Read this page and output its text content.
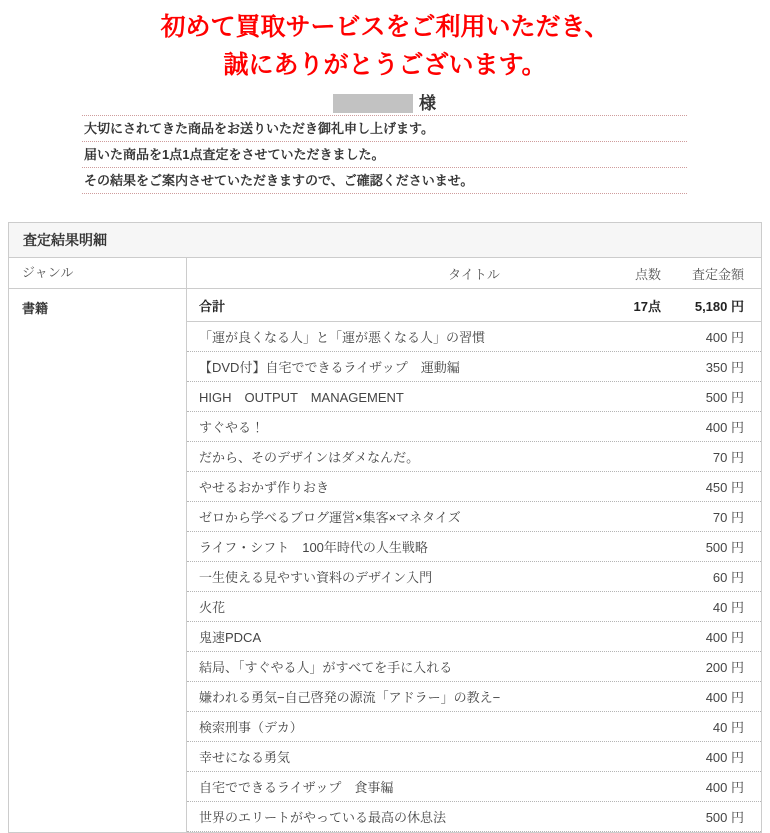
初めて買取サービスをご利用いただき、
誠にありがとうございます。
様
大切にされてきた商品をお送りいただき御礼申し上げます。
届いた商品を1点1点査定をさせていただきました。
その結果をご案内させていただきますので、ご確認くださいませ。
査定結果明細
ジャンル	タイトル	点数	査定金額
書籍	合計	17点	5,180 円
「運が良くなる人」と「運が悪くなる人」の習慣	400 円
【DVD付】自宅でできるライザップ　運動編	350 円
HIGH　OUTPUT　MANAGEMENT	500 円
すぐやる！	400 円
だから、そのデザインはダメなんだ。	70 円
やせるおかず作りおき	450 円
ゼロから学べるブログ運営×集客×マネタイズ	70 円
ライフ・シフト　100年時代の人生戦略	500 円
一生使える見やすい資料のデザイン入門	60 円
火花	40 円
鬼速PDCA	400 円
結局、「すぐやる人」がすべてを手に入れる	200 円
嫌われる勇気−自己啓発の源流「アドラー」の教え−	400 円
検索刑事（デカ）	40 円
幸せになる勇気	400 円
自宅でできるライザップ　食事編	400 円
世界のエリートがやっている最高の休息法	500 円
